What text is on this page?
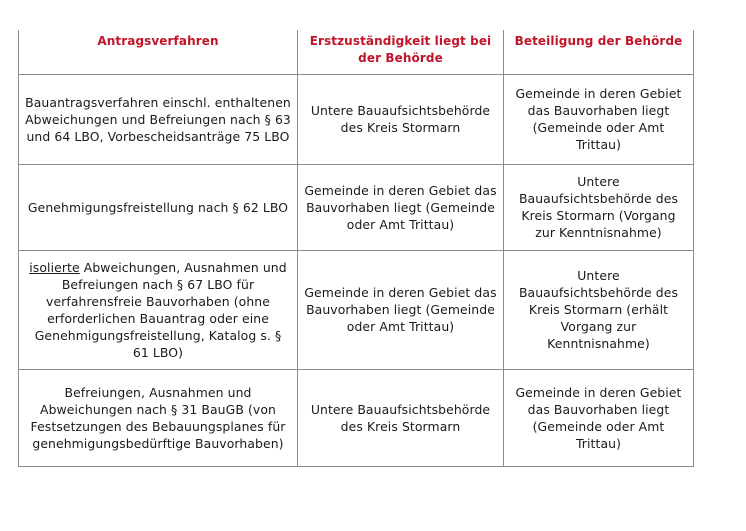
Antragsverfahren	Erstzuständigkeit liegt bei der Behörde	Beteiligung der Behörde
Bauantragsverfahren einschl. enthaltenen Abweichungen und Befreiungen nach § 63 und 64 LBO, Vorbescheidsanträge 75 LBO	Untere Bauaufsichtsbehörde des Kreis Stormarn	Gemeinde in deren Gebiet das Bauvorhaben liegt (Gemeinde oder Amt Trittau)
Genehmigungsfreistellung nach § 62 LBO	Gemeinde in deren Gebiet das Bauvorhaben liegt (Gemeinde oder Amt Trittau)	Untere Bauaufsichtsbehörde des Kreis Stormarn (Vorgang zur Kenntnisnahme)
isolierte Abweichungen, Ausnahmen und Befreiungen nach § 67 LBO für verfahrensfreie Bauvorhaben (ohne erforderlichen Bauantrag oder eine Genehmigungsfreistellung, Katalog s. § 61 LBO)	Gemeinde in deren Gebiet das Bauvorhaben liegt (Gemeinde oder Amt Trittau)	Untere Bauaufsichtsbehörde des Kreis Stormarn (erhält Vorgang zur Kenntnisnahme)
Befreiungen, Ausnahmen und Abweichungen nach § 31 BauGB (von Festsetzungen des Bebauungsplanes für genehmigungsbedürftige Bauvorhaben)	Untere Bauaufsichtsbehörde des Kreis Stormarn	Gemeinde in deren Gebiet das Bauvorhaben liegt (Gemeinde oder Amt Trittau)
